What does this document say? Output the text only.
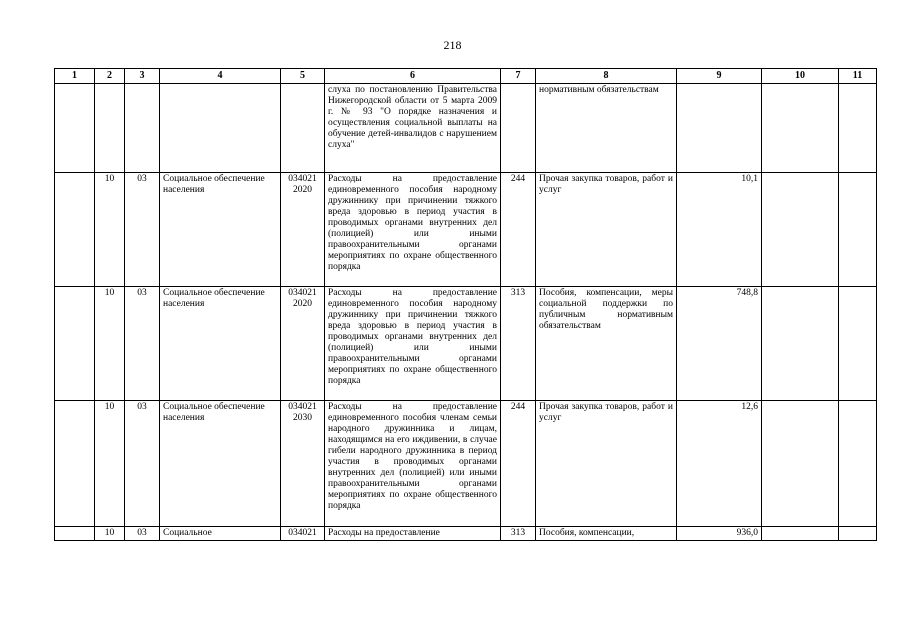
218
1	2	3	4	5	6	7	8	9	10	11
					слуха по постановлению Правительства Нижегородской области от 5 марта 2009 г. № 93 "О порядке назначения и осуществления социальной выплаты на обучение детей-инвалидов с нарушением слуха"		нормативным обязательствам			
	10	03	Социальное обеспечение населения	034021 2020	Расходы на предоставление единовременного пособия народному дружиннику при причинении тяжкого вреда здоровью в период участия в проводимых органами внутренних дел (полицией) или иными правоохранительными органами мероприятиях по охране общественного порядка	244	Прочая закупка товаров, работ и услуг	10,1		
	10	03	Социальное обеспечение населения	034021 2020	Расходы на предоставление единовременного пособия народному дружиннику при причинении тяжкого вреда здоровью в период участия в проводимых органами внутренних дел (полицией) или иными правоохранительными органами мероприятиях по охране общественного порядка	313	Пособия, компенсации, меры социальной поддержки по публичным нормативным обязательствам	748,8		
	10	03	Социальное обеспечение населения	034021 2030	Расходы на предоставление единовременного пособия членам семьи народного дружинника и лицам, находящимся на его иждивении, в случае гибели народного дружинника в период участия в проводимых органами внутренних дел (полицией) или иными правоохранительными органами мероприятиях по охране общественного порядка	244	Прочая закупка товаров, работ и услуг	12,6		
	10	03	Социальное	034021	Расходы на предоставление	313	Пособия, компенсации,	936,0		
